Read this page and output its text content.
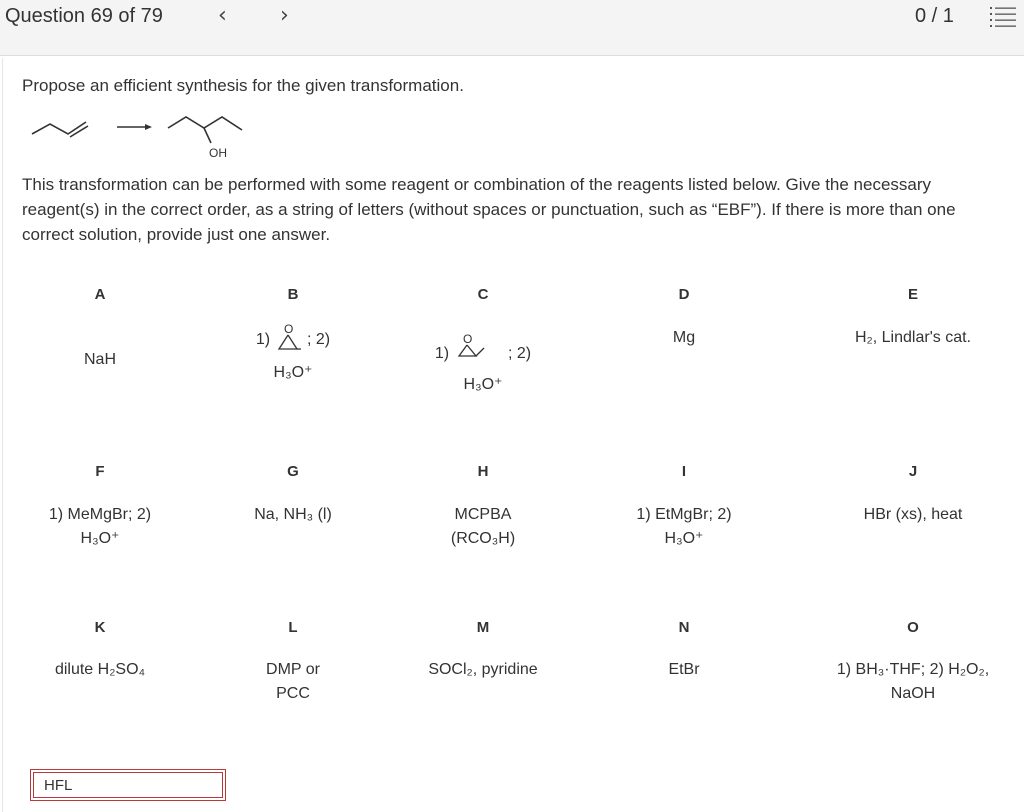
Question 69 of 79	‹ ›	0 / 1
Propose an efficient synthesis for the given transformation.
OH
This transformation can be performed with some reagent or combination of the reagents listed below. Give the necessary reagent(s) in the correct order, as a string of letters (without spaces or punctuation, such as “EBF”). If there is more than one correct solution, provide just one answer.
A
NaH
B
1)
O
; 2)
H₃O⁺
C
1)
O
; 2)
H₃O⁺
D
Mg
E
H₂, Lindlar's cat.
F
1) MeMgBr; 2)
H₃O⁺
G
Na, NH₃ (l)
H
MCPBA
(RCO₃H)
I
1) EtMgBr; 2)
H₃O⁺
J
HBr (xs), heat
K
dilute H₂SO₄
L
DMP or
PCC
M
SOCl₂, pyridine
N
EtBr
O
1) BH₃·THF; 2) H₂O₂,
NaOH
HFL
